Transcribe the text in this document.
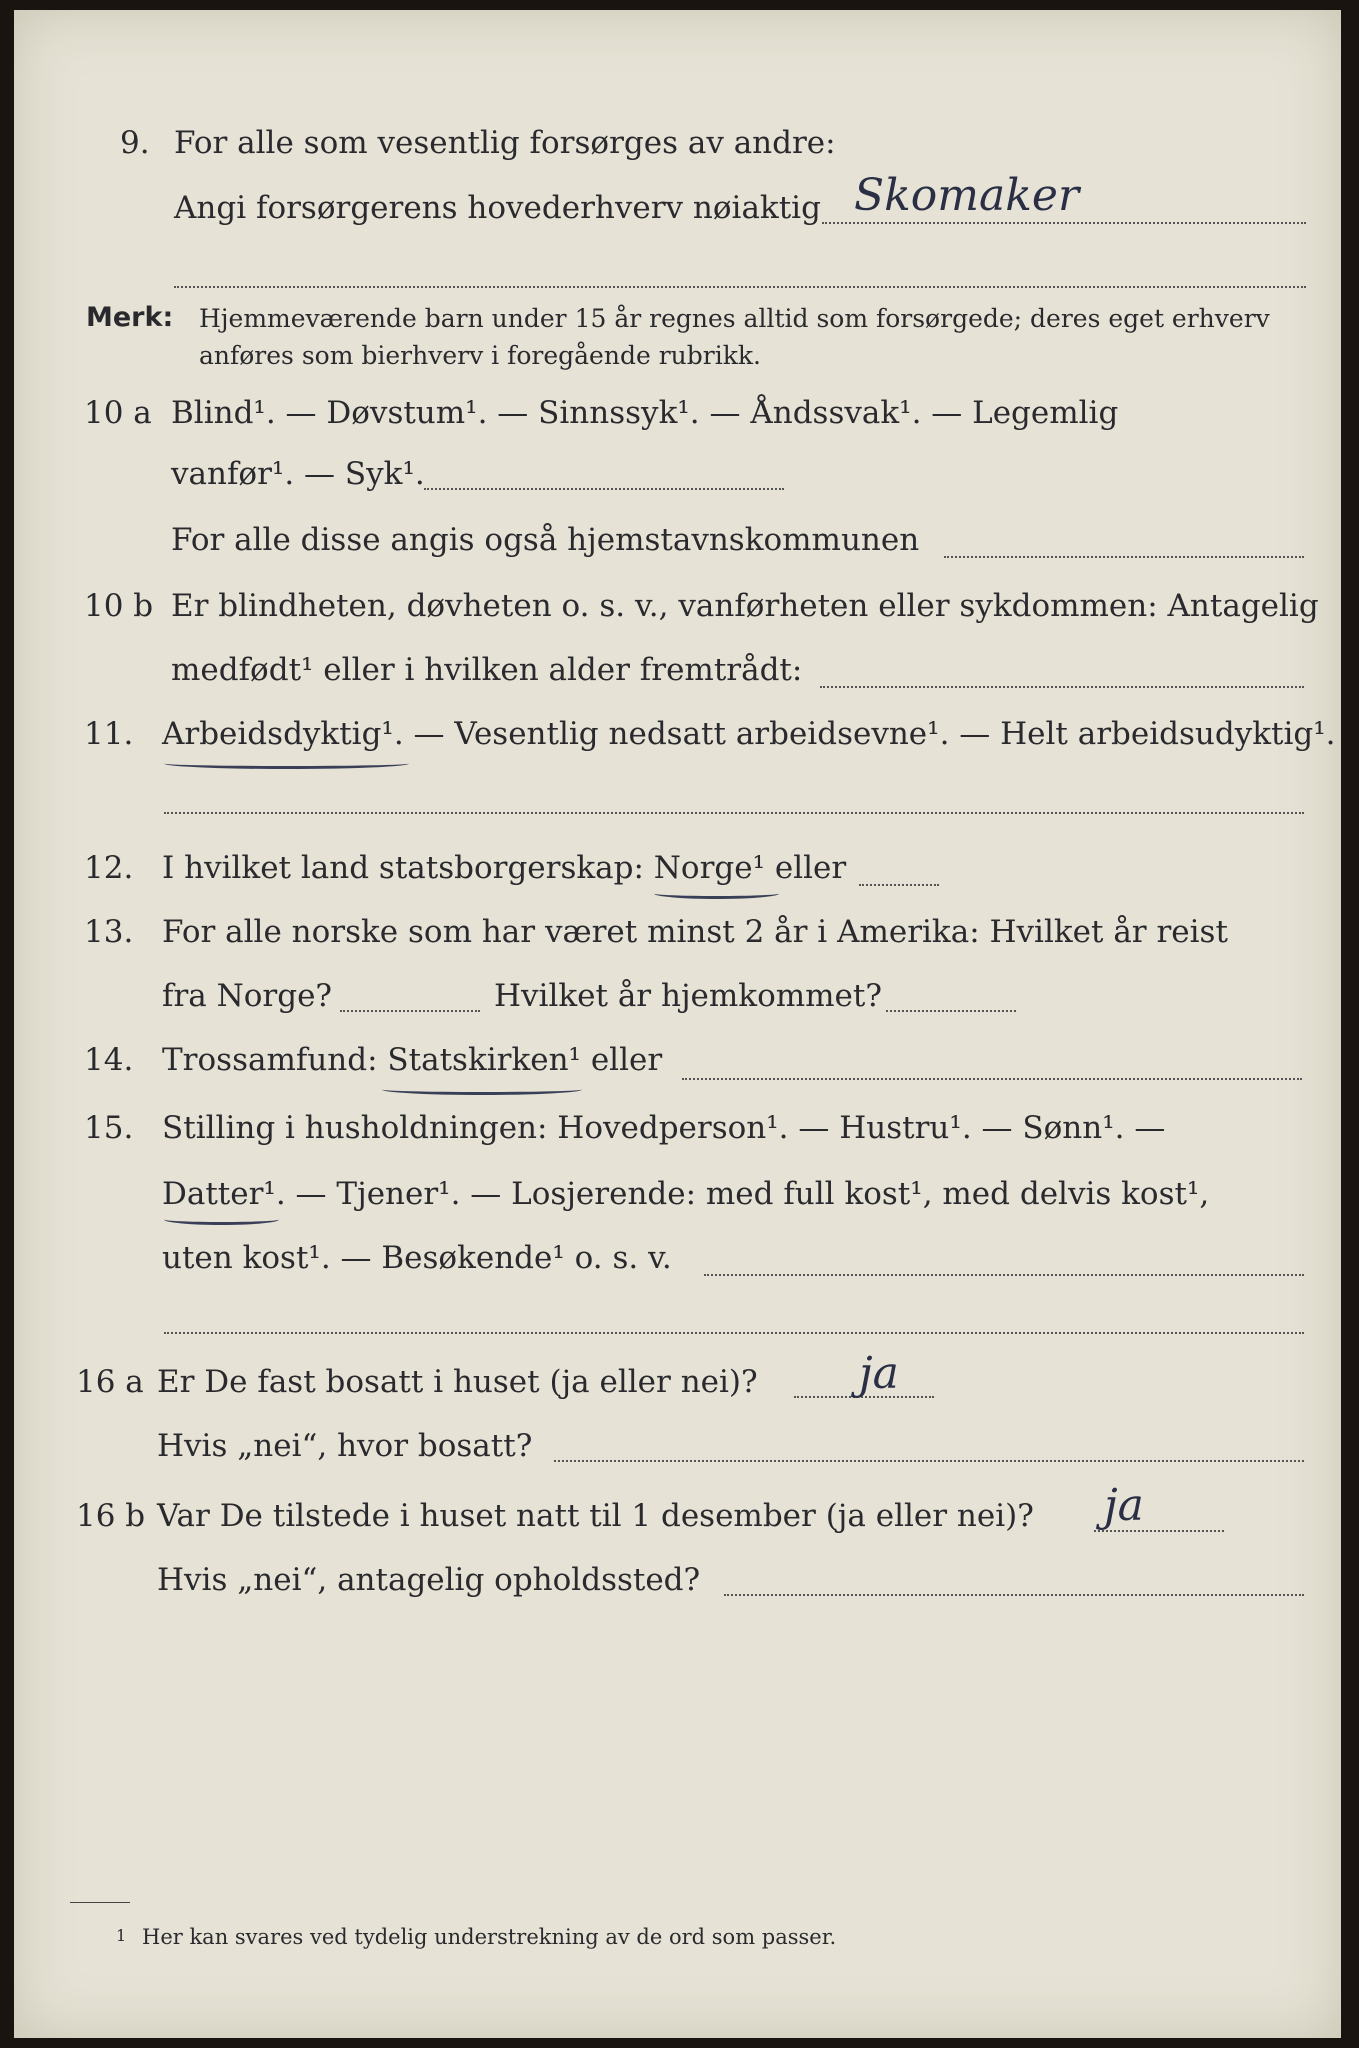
9. For alle som vesentlig forsørges av andre:
Angi forsørgerens hovederhverv nøiaktig Skomaker
Merk: Hjemmeværende barn under 15 år regnes alltid som forsørgede; deres eget erhverv
anføres som bierhverv i foregående rubrikk.
10 a Blind¹. — Døvstum¹. — Sinnssyk¹. — Åndssvak¹. — Legemlig
vanfør¹. — Syk¹.
For alle disse angis også hjemstavnskommunen
10 b Er blindheten, døvheten o. s. v., vanførheten eller sykdommen: Antagelig
medfødt¹ eller i hvilken alder fremtrådt:
11. Arbeidsdyktig¹. — Vesentlig nedsatt arbeidsevne¹. — Helt arbeidsudyktig¹.
12. I hvilket land statsborgerskap: Norge¹ eller
13. For alle norske som har været minst 2 år i Amerika: Hvilket år reist
fra Norge?	Hvilket år hjemkommet?
14. Trossamfund: Statskirken¹ eller
15. Stilling i husholdningen: Hovedperson¹. — Hustru¹. — Sønn¹. —
Datter¹. — Tjener¹. — Losjerende: med full kost¹, med delvis kost¹,
uten kost¹. — Besøkende¹ o. s. v.
16 a Er De fast bosatt i huset (ja eller nei)? ja
Hvis „nei“, hvor bosatt?
16 b Var De tilstede i huset natt til 1 desember (ja eller nei)? ja
Hvis „nei“, antagelig opholdssted?
1 Her kan svares ved tydelig understrekning av de ord som passer.
